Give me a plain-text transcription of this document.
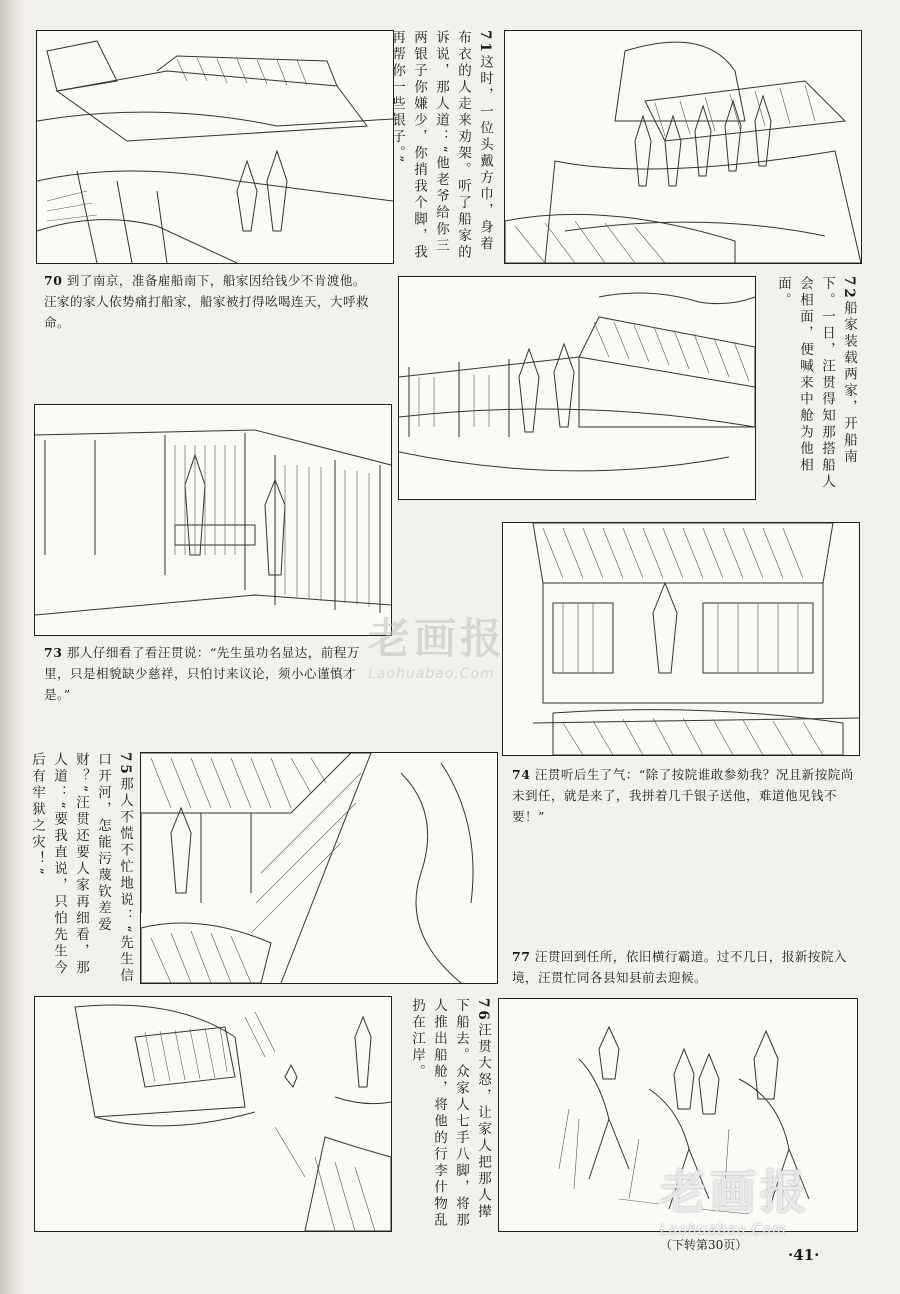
70 到了南京，准备雇船南下，船家因给钱少不肯渡他。汪家的家人依势痛打船家，船家被打得吆喝连天，大呼救命。
71这时，一位头戴方巾，身着布衣的人走来劝架。听了船家的诉说，那人道：“他老爷给你三两银子你嫌少，你捎我个脚，我再帮你一些银子。”
72船家装载两家，开船南下。一日，汪贯得知那搭船人会相面，便喊来中舱为他相面。
73 那人仔细看了看汪贯说：“先生虽功名显达，前程万里，只是相貌缺少慈祥，只怕讨来议论，须小心谨慎才是。”
老画报
Laohuabao.Com
75那人不慌不忙地说：“先生信口开河，怎能污蔑钦差爱财？”汪贯还要人家再细看，那人道：“要我直说，只怕先生今后有牢狱之灾！”	74 汪贯听后生了气：“除了按院谁敢参劾我？况且新按院尚未到任，就是来了，我拼着几千银子送他，难道他见钱不要！”
77 汪贯回到任所，依旧横行霸道。过不几日，报新按院入境，汪贯忙同各县知县前去迎候。
76汪贯大怒，让家人把那人撵下船去。众家人七手八脚，将那人推出船舱，将他的行李什物乱扔在江岸。
老画报
Laohuabao.Com
（下转第30页）
·41·
